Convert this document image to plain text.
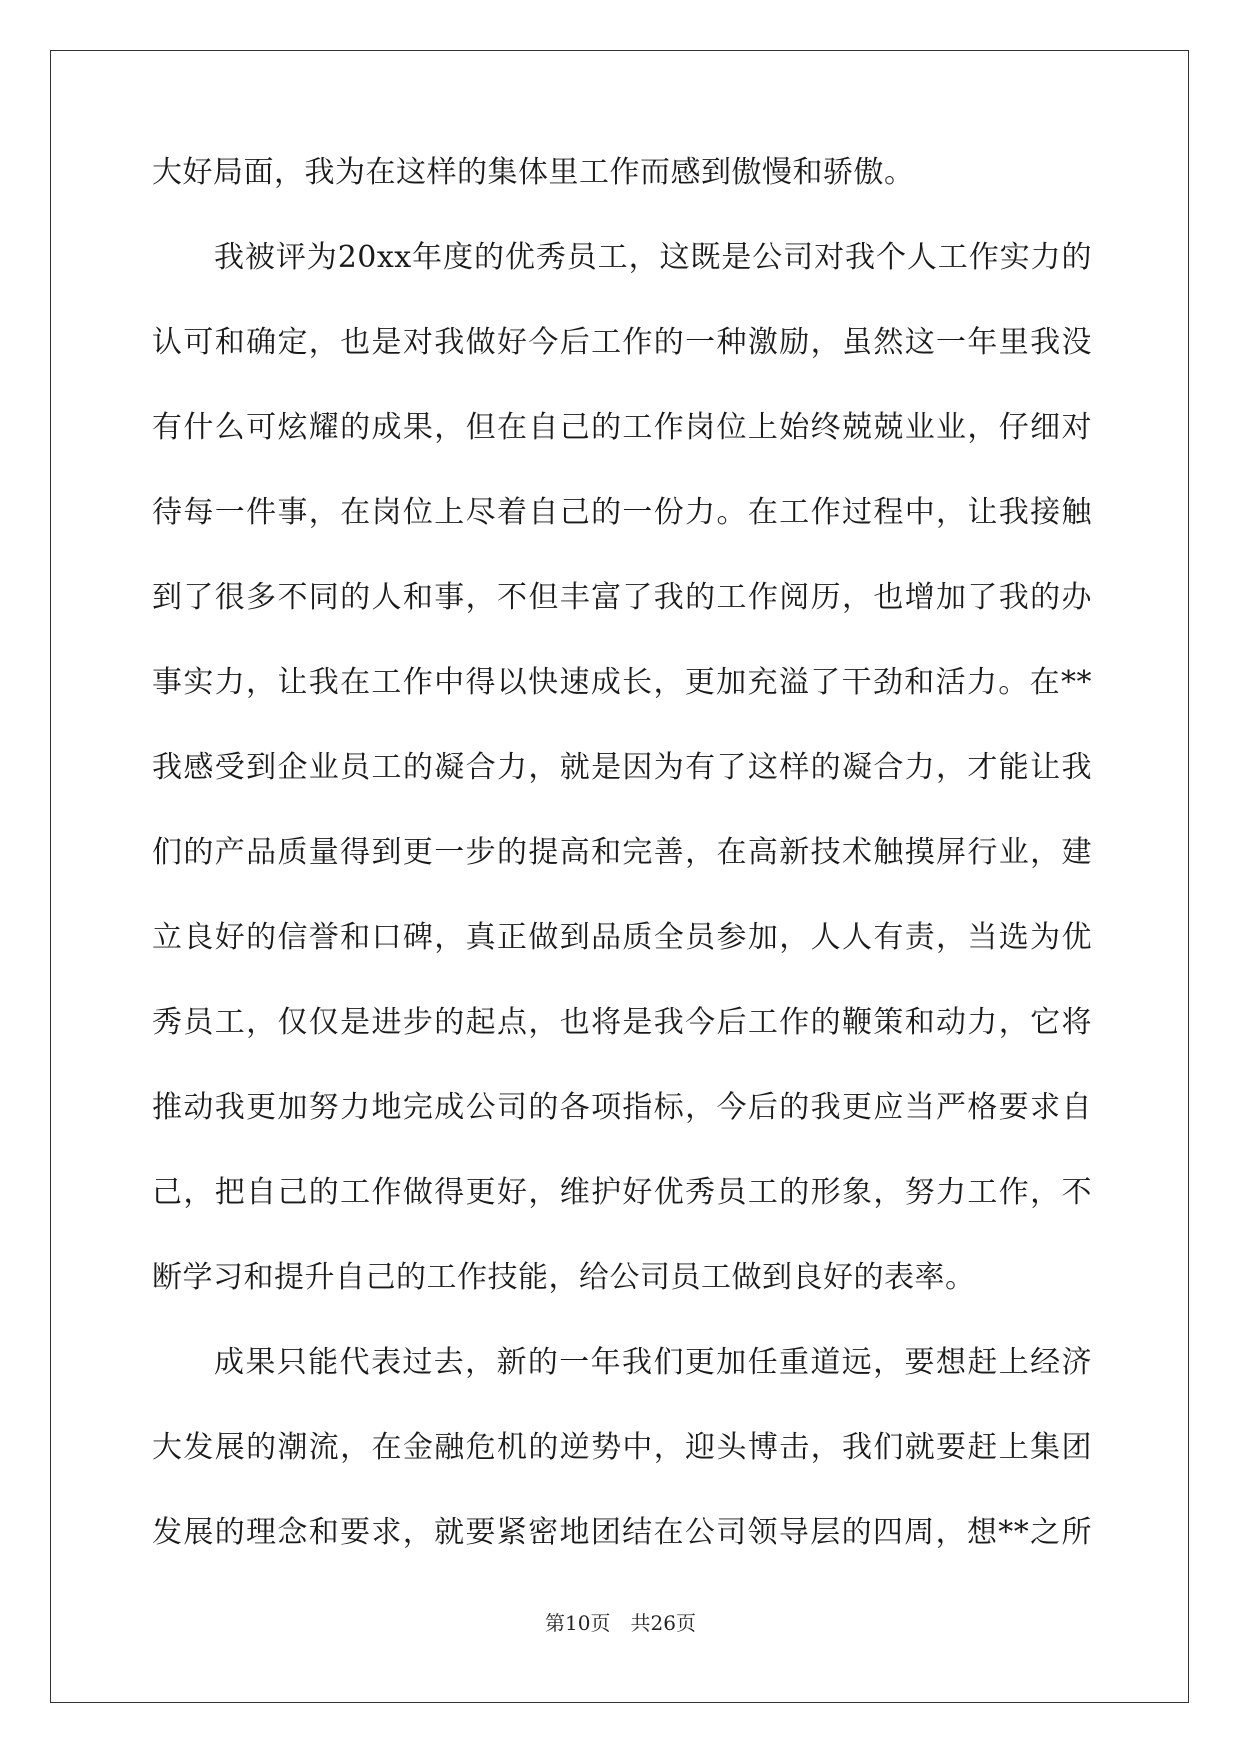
大好局面，我为在这样的集体里工作而感到傲慢和骄傲。
我被评为20xx年度的优秀员工，这既是公司对我个人工作实力的
认可和确定，也是对我做好今后工作的一种激励，虽然这一年里我没
有什么可炫耀的成果，但在自己的工作岗位上始终兢兢业业，仔细对
待每一件事，在岗位上尽着自己的一份力。在工作过程中，让我接触
到了很多不同的人和事，不但丰富了我的工作阅历，也增加了我的办
事实力，让我在工作中得以快速成长，更加充溢了干劲和活力。在**
我感受到企业员工的凝合力，就是因为有了这样的凝合力，才能让我
们的产品质量得到更一步的提高和完善，在高新技术触摸屏行业，建
立良好的信誉和口碑，真正做到品质全员参加，人人有责，当选为优
秀员工，仅仅是进步的起点，也将是我今后工作的鞭策和动力，它将
推动我更加努力地完成公司的各项指标，今后的我更应当严格要求自
己，把自己的工作做得更好，维护好优秀员工的形象，努力工作，不
断学习和提升自己的工作技能，给公司员工做到良好的表率。
成果只能代表过去，新的一年我们更加任重道远，要想赶上经济
大发展的潮流，在金融危机的逆势中，迎头博击，我们就要赶上集团
发展的理念和要求，就要紧密地团结在公司领导层的四周，想**之所
第10页　共26页
